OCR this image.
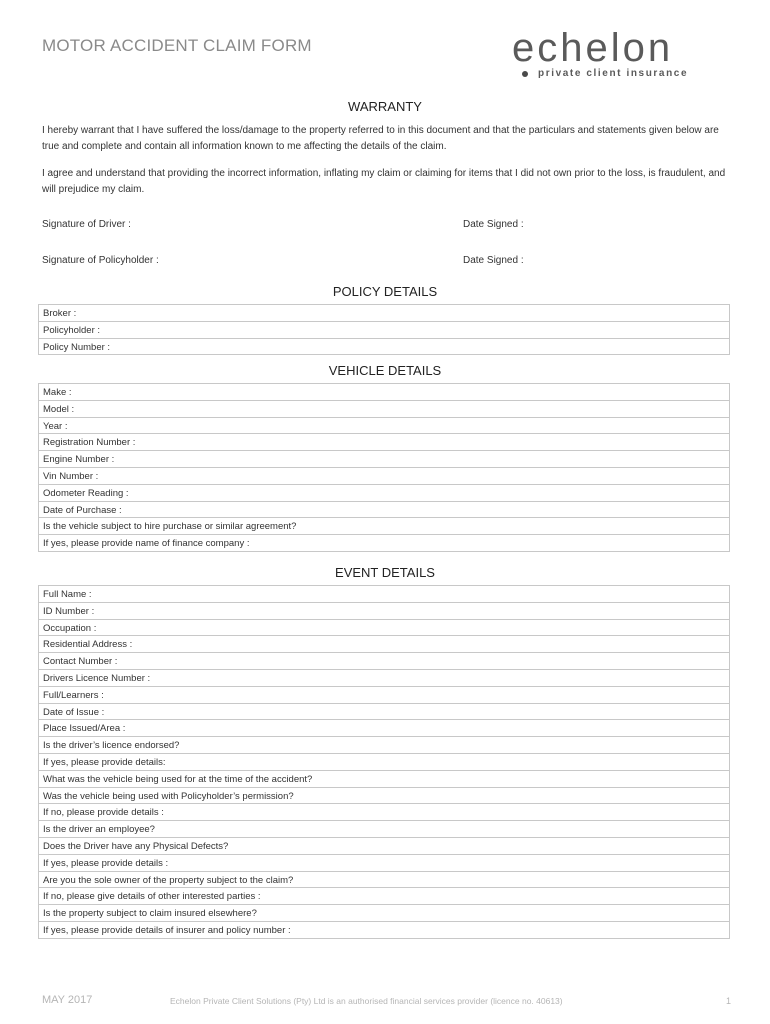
MOTOR ACCIDENT CLAIM FORM	echelon
private client insurance
WARRANTY

I hereby warrant that I have suffered the loss/damage to the property referred to in this document and that the particulars and statements given below are true and complete and contain all information known to me affecting the details of the claim.

I agree and understand that providing the incorrect information, inflating my claim or claiming for items that I did not own prior to the loss, is fraudulent, and will prejudice my claim.

Signature of Driver :	Date Signed :
Signature of Policyholder :	Date Signed :
POLICY DETAILS
Broker :
Policyholder :
Policy Number :
VEHICLE DETAILS
Make :
Model :
Year :
Registration Number :
Engine Number :
Vin Number :
Odometer Reading :
Date of Purchase :
Is the vehicle subject to hire purchase or similar agreement?
If yes, please provide name of finance company :
EVENT DETAILS
Full Name :
ID Number :
Occupation :
Residential Address :
Contact Number :
Drivers Licence Number :
Full/Learners :
Date of Issue :
Place Issued/Area :
Is the driver’s licence endorsed?
If yes, please provide details:
What was the vehicle being used for at the time of the accident?
Was the vehicle being used with Policyholder’s permission?
If no, please provide details :
Is the driver an employee?
Does the Driver have any Physical Defects?
If yes, please provide details :
Are you the sole owner of the property subject to the claim?
If no, please give details of other interested parties :
Is the property subject to claim insured elsewhere?
If yes, please provide details of insurer and policy number :
MAY 2017	Echelon Private Client Solutions (Pty) Ltd is an authorised financial services provider (licence no. 40613)	1
